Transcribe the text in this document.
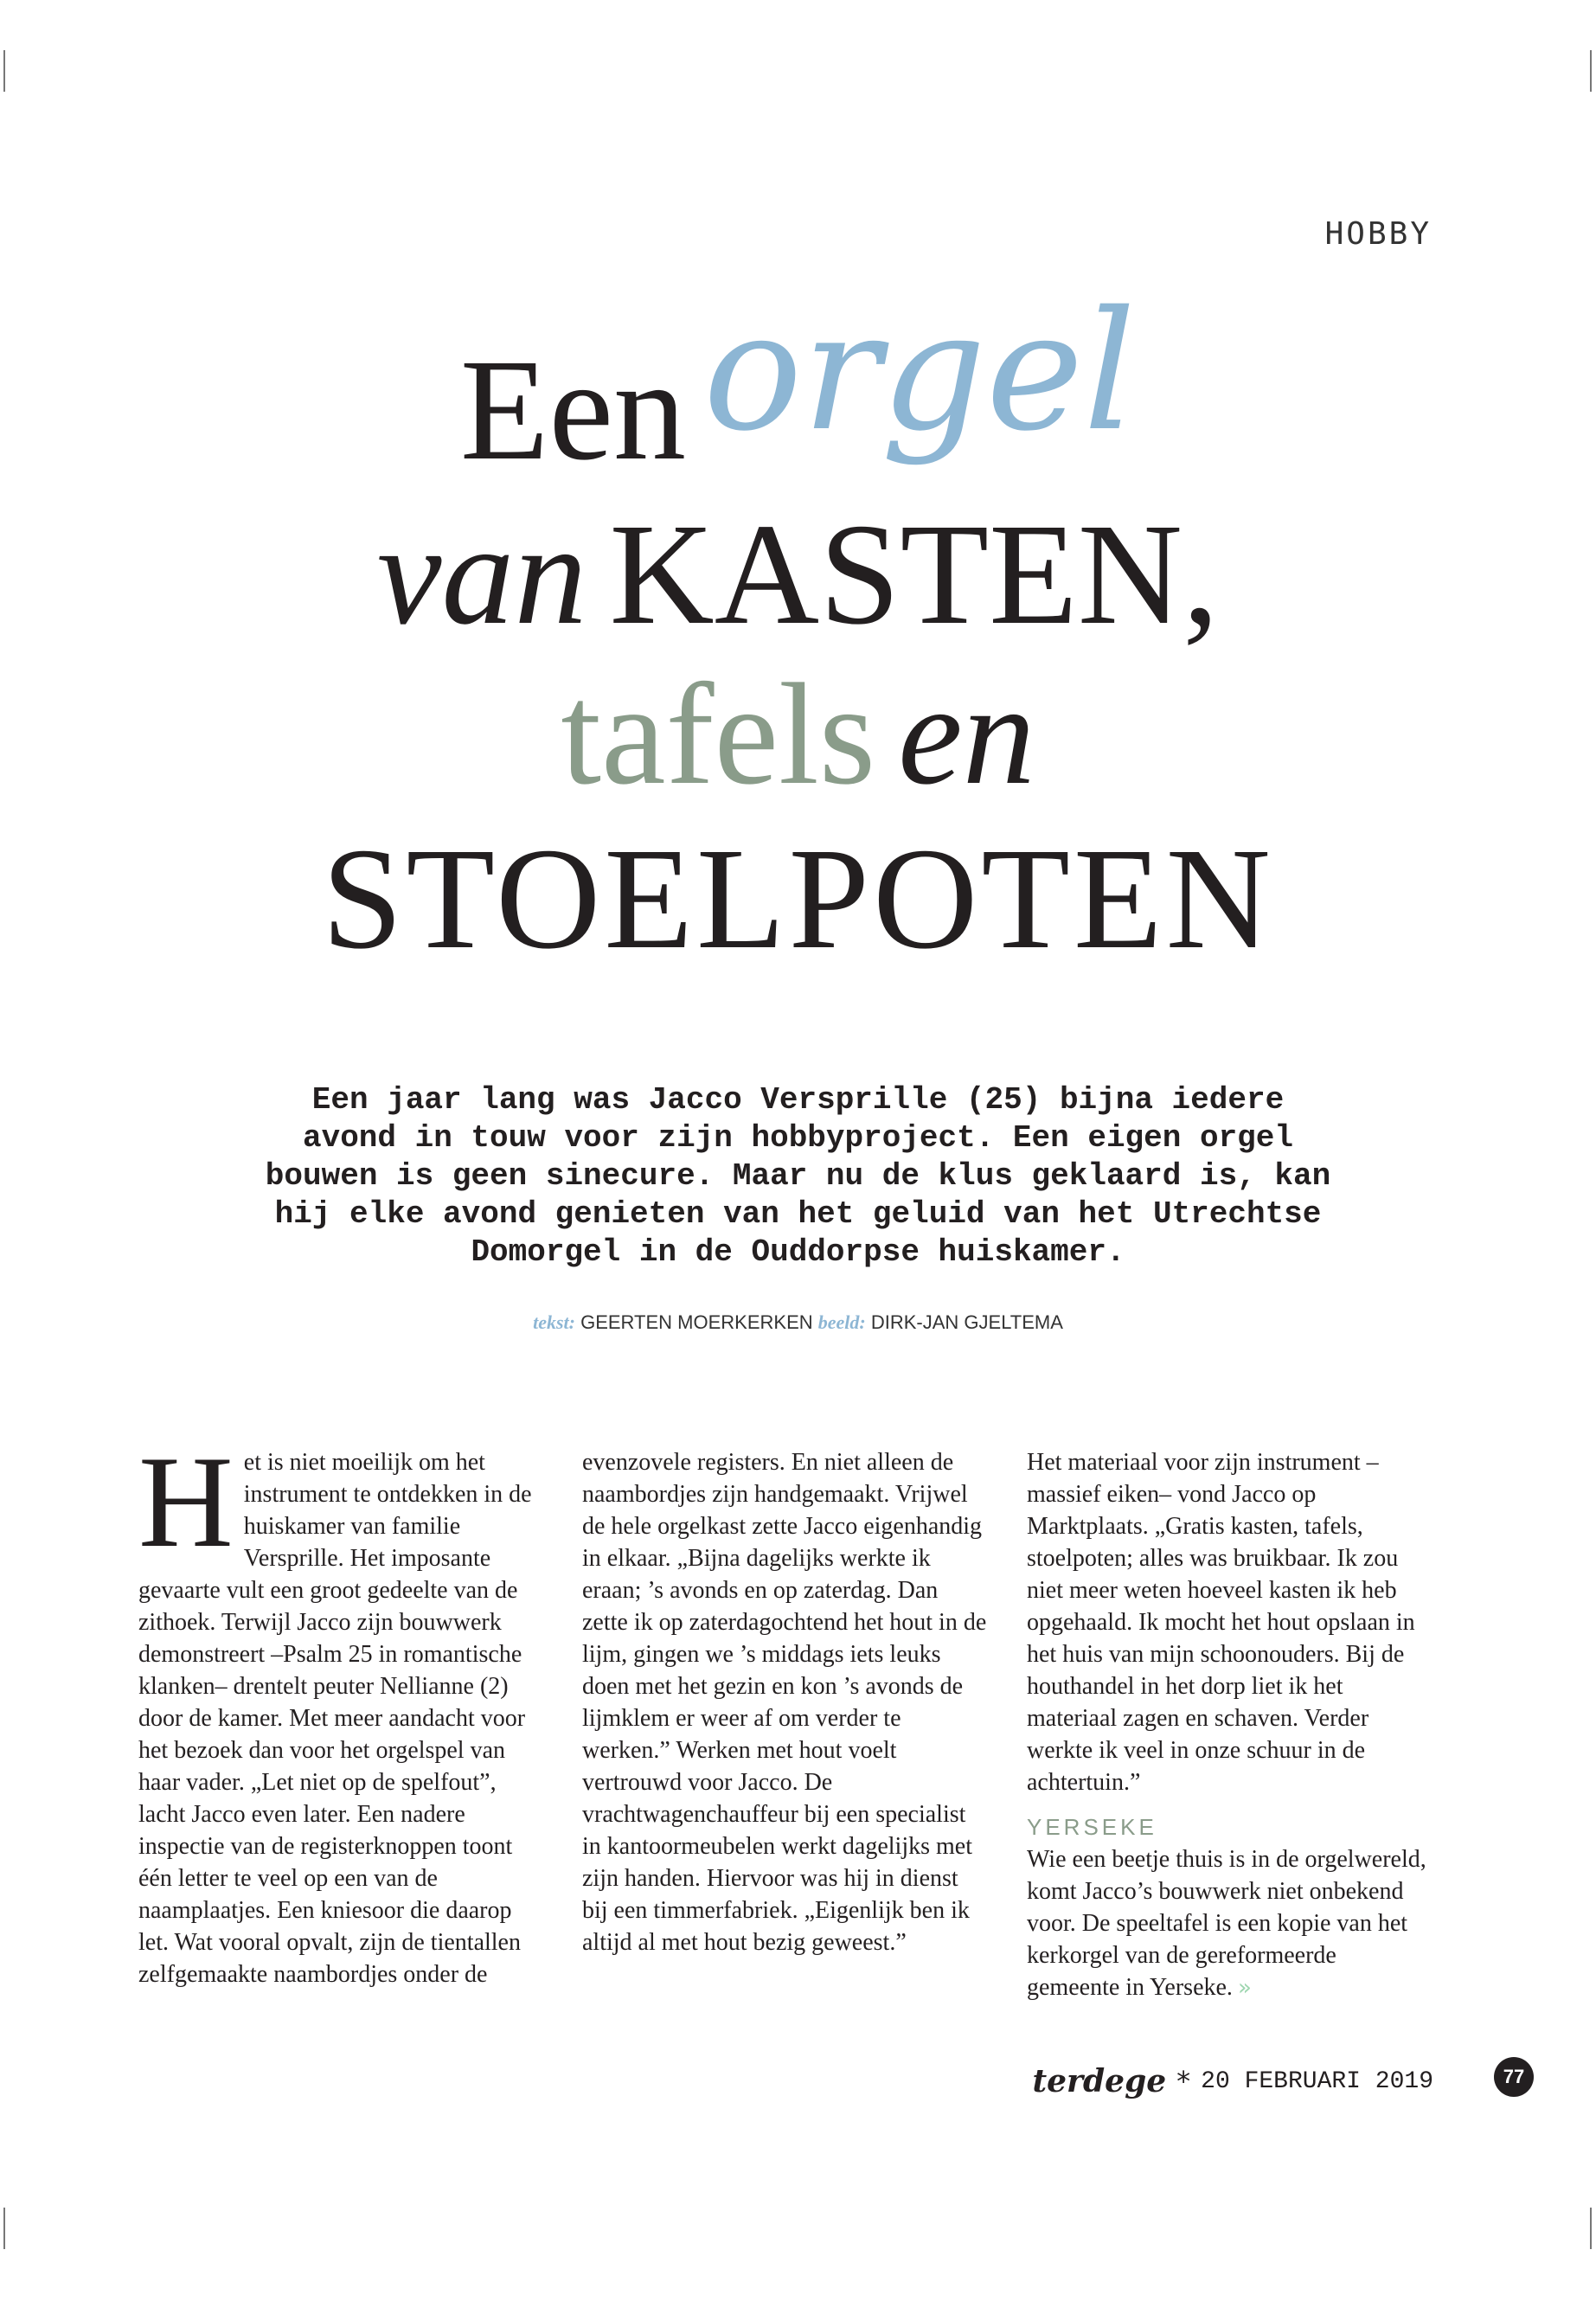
HOBBY
Een orgel
van KASTEN,
tafels en
STOELPOTEN

Een jaar lang was Jacco Versprille (25) bijna iedere avond in touw voor zijn hobbyproject. Een eigen orgel bouwen is geen sinecure. Maar nu de klus geklaard is, kan hij elke avond genieten van het geluid van het Utrechtse Domorgel in de Ouddorpse huiskamer.

tekst: GEERTEN MOERKERKEN beeld: DIRK-JAN GJELTEMA
H et is niet moeilijk om het instrument te ontdekken in de huiskamer van familie Versprille. Het imposante gevaarte vult een groot gedeelte van de zithoek. Terwijl Jacco zijn bouwwerk demonstreert –Psalm 25 in romantische klanken– drentelt peuter Nellianne (2) door de kamer. Met meer aandacht voor het bezoek dan voor het orgelspel van haar vader. „Let niet op de spelfout”, lacht Jacco even later. Een nadere inspectie van de registerknoppen toont één letter te veel op een van de naamplaatjes. Een kniesoor die daarop let. Wat vooral opvalt, zijn de tientallen zelfgemaakte naambordjes onder de

evenzovele registers. En niet alleen de naambordjes zijn handgemaakt. Vrijwel de hele orgelkast zette Jacco eigenhandig in elkaar. „Bijna dagelijks werkte ik eraan; ’s avonds en op zaterdag. Dan zette ik op zaterdagochtend het hout in de lijm, gingen we ’s middags iets leuks doen met het gezin en kon ’s avonds de lijmklem er weer af om verder te werken.” Werken met hout voelt vertrouwd voor Jacco. De vrachtwagenchauffeur bij een specialist in kantoormeubelen werkt dagelijks met zijn handen. Hiervoor was hij in dienst bij een timmerfabriek. „Eigenlijk ben ik altijd al met hout bezig geweest.”

Het materiaal voor zijn instrument –massief eiken– vond Jacco op Marktplaats. „Gratis kasten, tafels, stoelpoten; alles was bruikbaar. Ik zou niet meer weten hoeveel kasten ik heb opgehaald. Ik mocht het hout opslaan in het huis van mijn schoonouders. Bij de houthandel in het dorp liet ik het materiaal zagen en schaven. Verder werkte ik veel in onze schuur in de achtertuin.”

YERSEKE

Wie een beetje thuis is in de orgelwereld, komt Jacco’s bouwwerk niet onbekend voor. De speeltafel is een kopie van het kerkorgel van de gereformeerde gemeente in Yerseke. »

terdege * 20 FEBRUARI 2019	77
